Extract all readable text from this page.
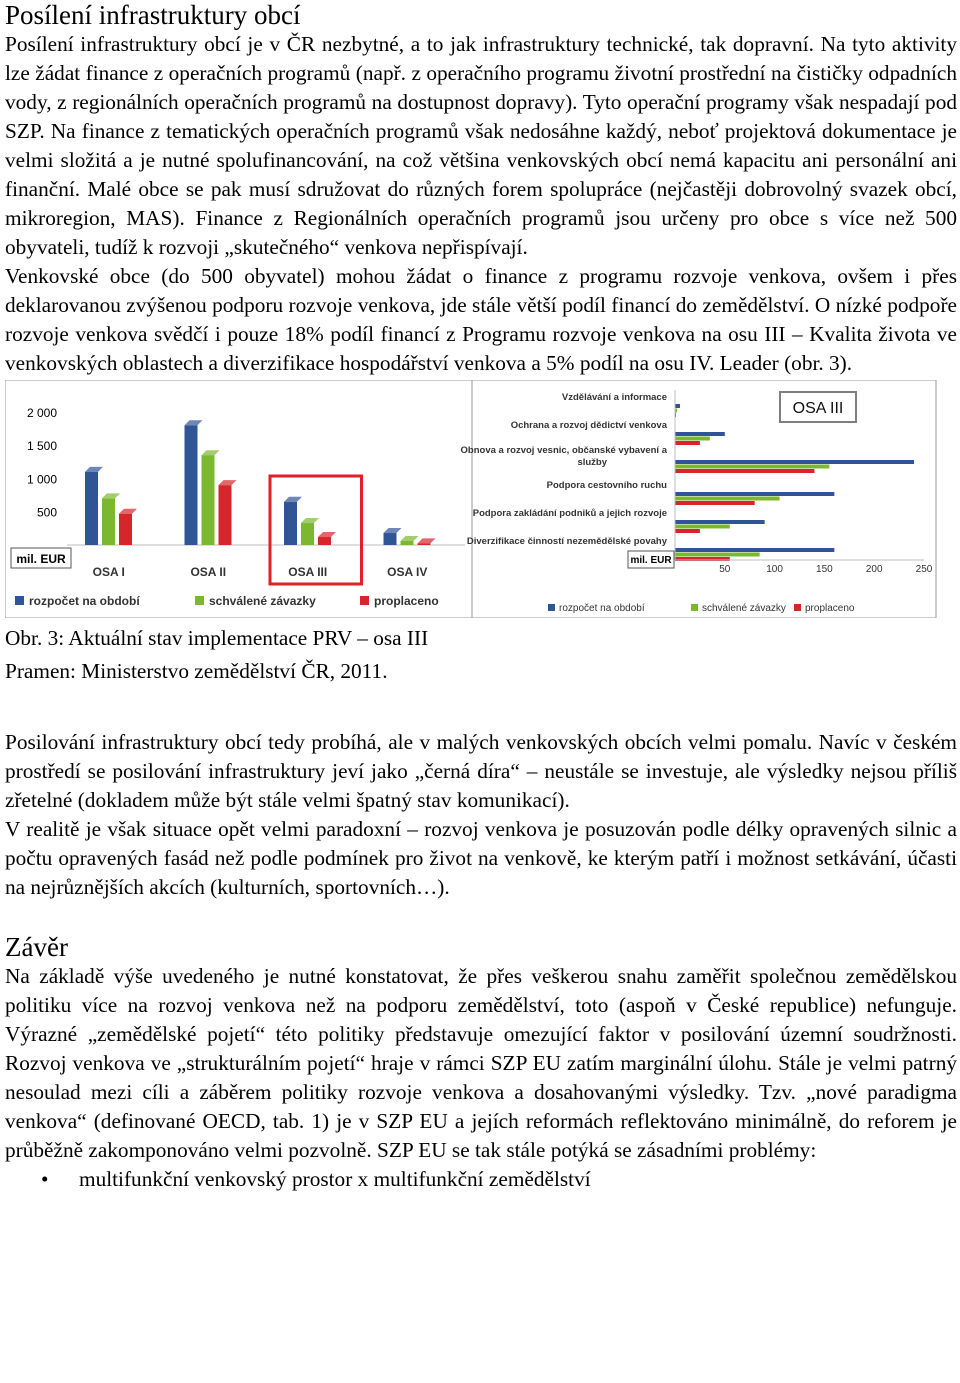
Posílení infrastruktury obcí

Posílení infrastruktury obcí je v ČR nezbytné, a to jak infrastruktury technické, tak dopravní. Na tyto aktivity lze žádat finance z operačních programů (např. z operačního programu životní prostřední na čističky odpadních vody, z regionálních operačních programů na dostupnost dopravy). Tyto operační programy však nespadají pod SZP. Na finance z tematických operačních programů však nedosáhne každý, neboť projektová dokumentace je velmi složitá a je nutné spolufinancování, na což většina venkovských obcí nemá kapacitu ani personální ani finanční. Malé obce se pak musí sdružovat do různých forem spolupráce (nejčastěji dobrovolný svazek obcí, mikroregion, MAS). Finance z Regionálních operačních programů jsou určeny pro obce s více než 500 obyvateli, tudíž k rozvoji „skutečného“ venkova nepřispívají.

Venkovské obce (do 500 obyvatel) mohou žádat o finance z programu rozvoje venkova, ovšem i přes deklarovanou zvýšenou podporu rozvoje venkova, jde stále větší podíl financí do zemědělství. O nízké podpoře rozvoje venkova svědčí i pouze 18% podíl financí z Programu rozvoje venkova na osu III – Kvalita života ve venkovských oblastech a diverzifikace hospodářství venkova a 5% podíl na osu IV. Leader (obr. 3).

2 000
1 500
1 000
500
OSA I	OSA II	OSA III	OSA IV
mil. EUR
rozpočet na období	schválené závazky	proplaceno
Vzdělávání a informace
Ochrana a rozvoj dědictví venkova
Obnova a rozvoj vesnic, občanské vybavení a
služby
Podpora cestovního ruchu
Podpora zakládání podniků a jejich rozvoje
Diverzifikace činností nezemědělské povahy
50	100	150	200	250
OSA III
mil. EUR
rozpočet na období	schválené závazky proplaceno
Obr. 3: Aktuální stav implementace PRV – osa III
Pramen: Ministerstvo zemědělství ČR, 2011.

Posilování infrastruktury obcí tedy probíhá, ale v malých venkovských obcích velmi pomalu. Navíc v českém prostředí se posilování infrastruktury jeví jako „černá díra“ – neustále se investuje, ale výsledky nejsou příliš zřetelné (dokladem může být stále velmi špatný stav komunikací).

V realitě je však situace opět velmi paradoxní – rozvoj venkova je posuzován podle délky opravených silnic a počtu opravených fasád než podle podmínek pro život na venkově, ke kterým patří i možnost setkávání, účasti na nejrůznějších akcích (kulturních, sportovních…).

Závěr

Na základě výše uvedeného je nutné konstatovat, že přes veškerou snahu zaměřit společnou zemědělskou politiku více na rozvoj venkova než na podporu zemědělství, toto (aspoň v České republice) nefunguje. Výrazné „zemědělské pojetí“ této politiky představuje omezující faktor v posilování územní soudržnosti. Rozvoj venkova ve „strukturálním pojetí“ hraje v rámci SZP EU zatím marginální úlohu. Stále je velmi patrný nesoulad mezi cíli a záběrem politiky rozvoje venkova a dosahovanými výsledky. Tzv. „nové paradigma venkova“ (definované OECD, tab. 1) je v SZP EU a jejích reformách reflektováno minimálně, do reforem je průběžně zakomponováno velmi pozvolně. SZP EU se tak stále potýká se zásadními problémy:

• multifunkční venkovský prostor x multifunkční zemědělství
